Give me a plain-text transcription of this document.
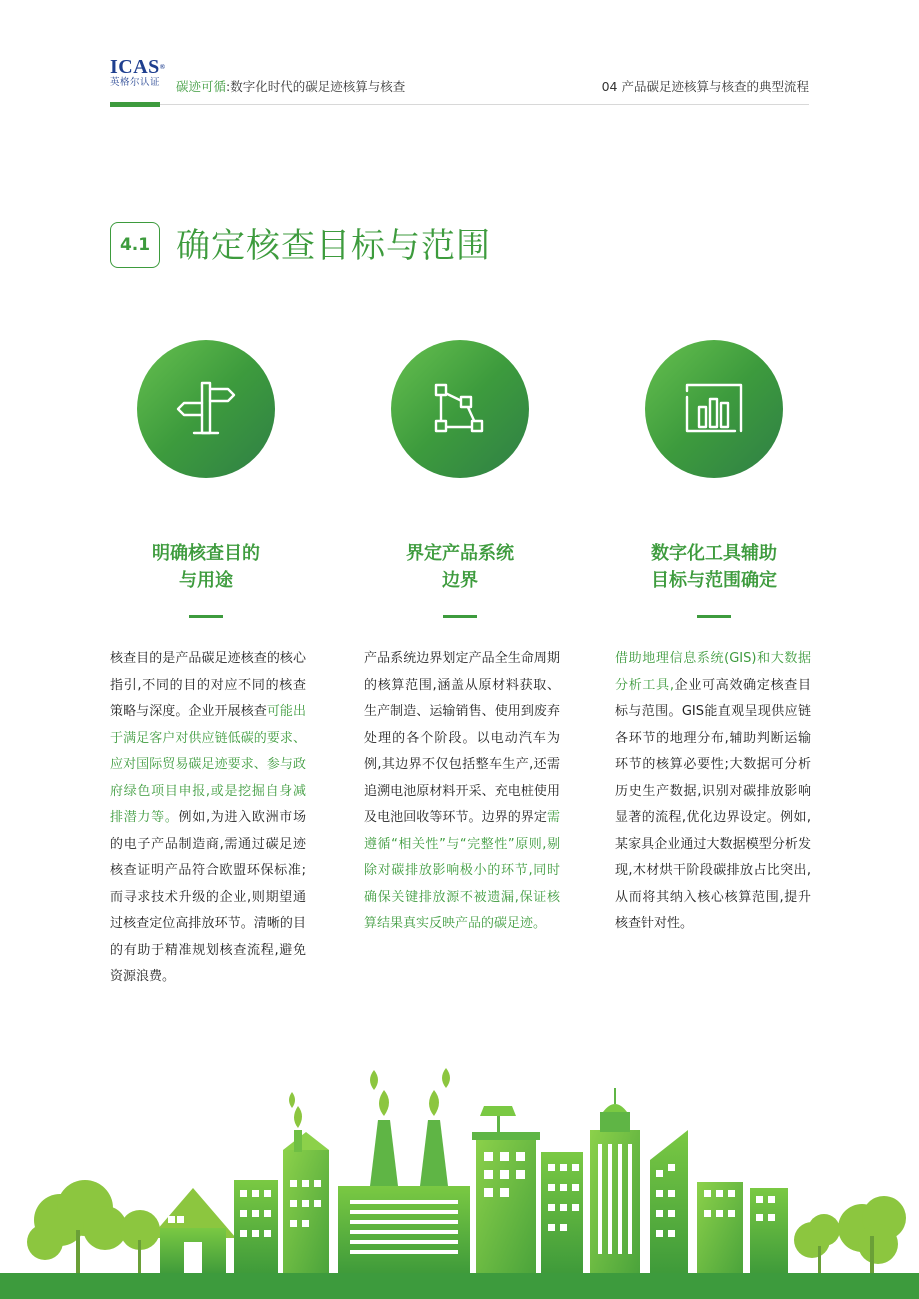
ICAS®
英格尔认证	碳迹可循:数字化时代的碳足迹核算与核查	04 产品碳足迹核算与核查的典型流程
4.1 确定核查目标与范围
明确核查目的
与用途
核查目的是产品碳足迹核查的核心指引,不同的目的对应不同的核查策略与深度。企业开展核查可能出于满足客户对供应链低碳的要求、应对国际贸易碳足迹要求、参与政府绿色项目申报,或是挖掘自身减排潜力等。例如,为进入欧洲市场的电子产品制造商,需通过碳足迹核查证明产品符合欧盟环保标准;而寻求技术升级的企业,则期望通过核查定位高排放环节。清晰的目的有助于精准规划核查流程,避免资源浪费。
界定产品系统
边界
产品系统边界划定产品全生命周期的核算范围,涵盖从原材料获取、生产制造、运输销售、使用到废弃处理的各个阶段。以电动汽车为例,其边界不仅包括整车生产,还需追溯电池原材料开采、充电桩使用及电池回收等环节。边界的界定需遵循“相关性”与“完整性”原则,剔除对碳排放影响极小的环节,同时确保关键排放源不被遗漏,保证核算结果真实反映产品的碳足迹。
数字化工具辅助
目标与范围确定
借助地理信息系统(GIS)和大数据分析工具,企业可高效确定核查目标与范围。GIS能直观呈现供应链各环节的地理分布,辅助判断运输环节的核算必要性;大数据可分析历史生产数据,识别对碳排放影响显著的流程,优化边界设定。例如,某家具企业通过大数据模型分析发现,木材烘干阶段碳排放占比突出,从而将其纳入核心核算范围,提升核查针对性。
